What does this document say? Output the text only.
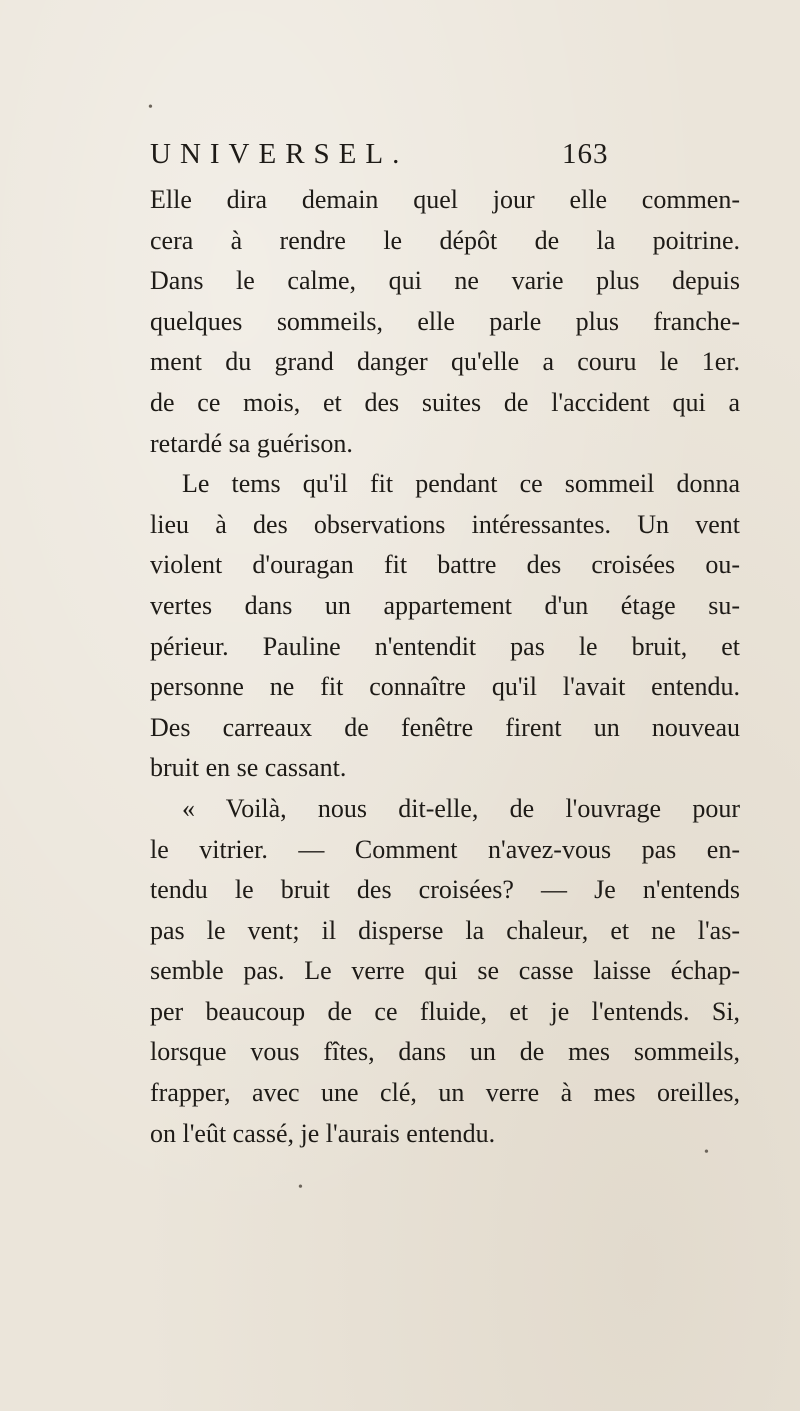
UNIVERSEL.	163
Elle dira demain quel jour elle commen-
cera à rendre le dépôt de la poitrine.
Dans le calme, qui ne varie plus depuis
quelques sommeils, elle parle plus franche-
ment du grand danger qu'elle a couru le 1er.
de ce mois, et des suites de l'accident qui a
retardé sa guérison.
Le tems qu'il fit pendant ce sommeil donna
lieu à des observations intéressantes. Un vent
violent d'ouragan fit battre des croisées ou-
vertes dans un appartement d'un étage su-
périeur. Pauline n'entendit pas le bruit, et
personne ne fit connaître qu'il l'avait entendu.
Des carreaux de fenêtre firent un nouveau
bruit en se cassant.
« Voilà, nous dit-elle, de l'ouvrage pour
le vitrier. — Comment n'avez-vous pas en-
tendu le bruit des croisées? — Je n'entends
pas le vent; il disperse la chaleur, et ne l'as-
semble pas. Le verre qui se casse laisse échap-
per beaucoup de ce fluide, et je l'entends. Si,
lorsque vous fîtes, dans un de mes sommeils,
frapper, avec une clé, un verre à mes oreilles,
on l'eût cassé, je l'aurais entendu.
•
•
•
